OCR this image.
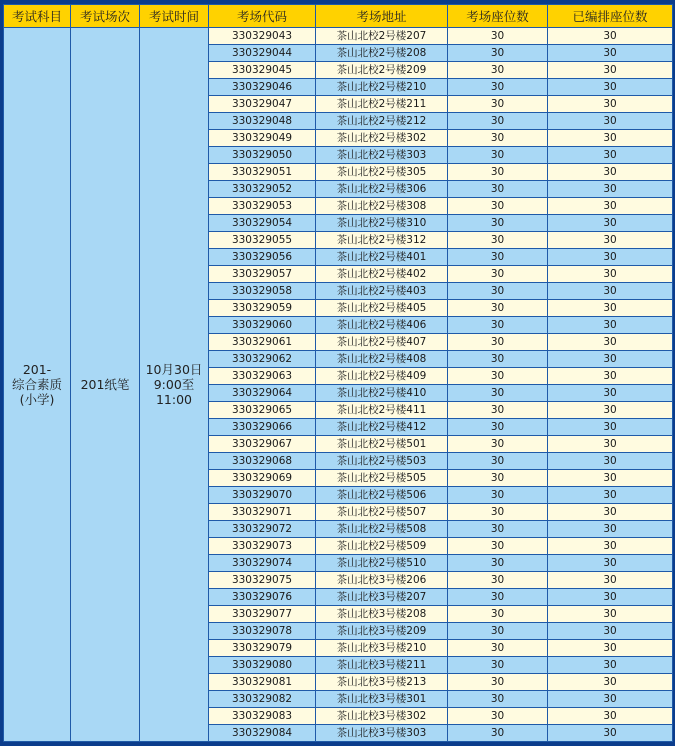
考试科目	考试场次	考试时间	考场代码	考场地址	考场座位数	已编排座位数

201-
综合素质
(小学)	201纸笔	10月30日
9:00至
11:00	330329043	茶山北校2号楼207	30	30
			330329044	茶山北校2号楼208	30	30
			330329045	茶山北校2号楼209	30	30
			330329046	茶山北校2号楼210	30	30
			330329047	茶山北校2号楼211	30	30
			330329048	茶山北校2号楼212	30	30
			330329049	茶山北校2号楼302	30	30
			330329050	茶山北校2号楼303	30	30
			330329051	茶山北校2号楼305	30	30
			330329052	茶山北校2号楼306	30	30
			330329053	茶山北校2号楼308	30	30
			330329054	茶山北校2号楼310	30	30
			330329055	茶山北校2号楼312	30	30
			330329056	茶山北校2号楼401	30	30
			330329057	茶山北校2号楼402	30	30
			330329058	茶山北校2号楼403	30	30
			330329059	茶山北校2号楼405	30	30
			330329060	茶山北校2号楼406	30	30
			330329061	茶山北校2号楼407	30	30
			330329062	茶山北校2号楼408	30	30
			330329063	茶山北校2号楼409	30	30
			330329064	茶山北校2号楼410	30	30
			330329065	茶山北校2号楼411	30	30
			330329066	茶山北校2号楼412	30	30
			330329067	茶山北校2号楼501	30	30
			330329068	茶山北校2号楼503	30	30
			330329069	茶山北校2号楼505	30	30
			330329070	茶山北校2号楼506	30	30
			330329071	茶山北校2号楼507	30	30
			330329072	茶山北校2号楼508	30	30
			330329073	茶山北校2号楼509	30	30
			330329074	茶山北校2号楼510	30	30
			330329075	茶山北校3号楼206	30	30
			330329076	茶山北校3号楼207	30	30
			330329077	茶山北校3号楼208	30	30
			330329078	茶山北校3号楼209	30	30
			330329079	茶山北校3号楼210	30	30
			330329080	茶山北校3号楼211	30	30
			330329081	茶山北校3号楼213	30	30
			330329082	茶山北校3号楼301	30	30
			330329083	茶山北校3号楼302	30	30
			330329084	茶山北校3号楼303	30	30
